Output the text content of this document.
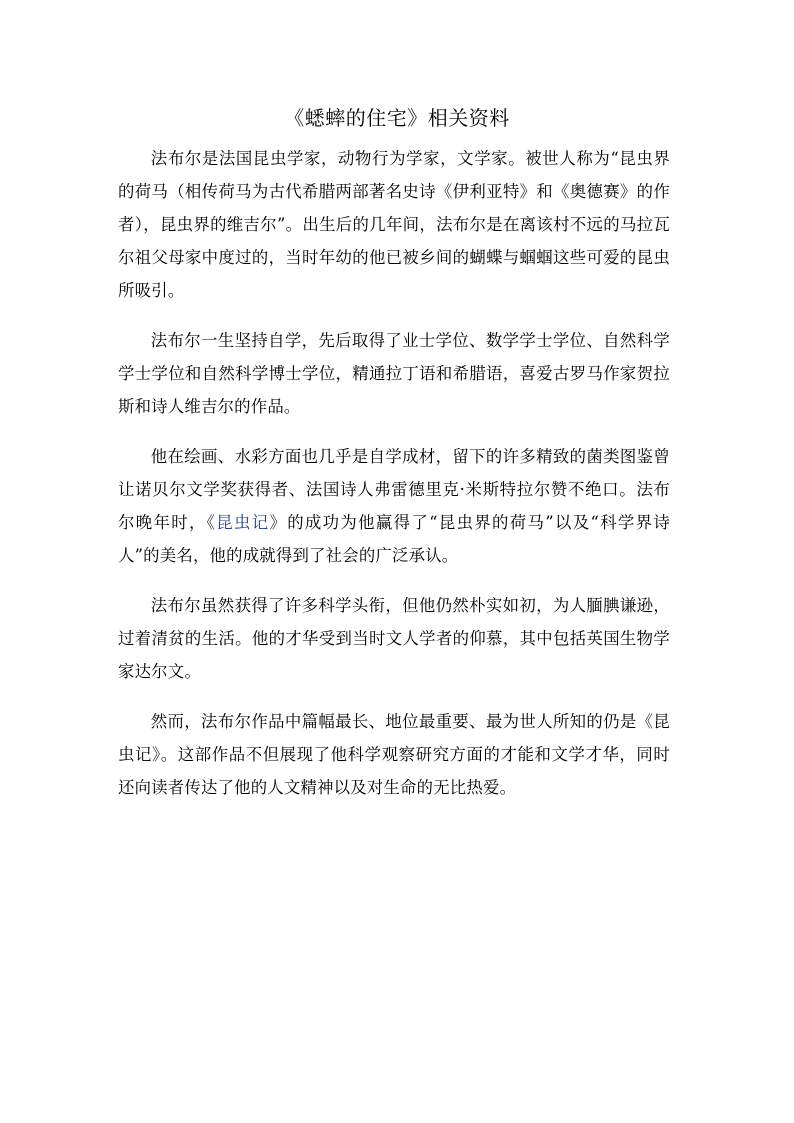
《蟋蟀的住宅》相关资料

法布尔是法国昆虫学家，动物行为学家，文学家。被世人称为“昆虫界的荷马（相传荷马为古代希腊两部著名史诗《伊利亚特》和《奥德赛》的作者），昆虫界的维吉尔”。出生后的几年间，法布尔是在离该村不远的马拉瓦尔祖父母家中度过的，当时年幼的他已被乡间的蝴蝶与蝈蝈这些可爱的昆虫所吸引。

法布尔一生坚持自学，先后取得了业士学位、数学学士学位、自然科学学士学位和自然科学博士学位，精通拉丁语和希腊语，喜爱古罗马作家贺拉斯和诗人维吉尔的作品。

他在绘画、水彩方面也几乎是自学成材，留下的许多精致的菌类图鉴曾让诺贝尔文学奖获得者、法国诗人弗雷德里克·米斯特拉尔赞不绝口。法布尔晚年时，《昆虫记》的成功为他赢得了“昆虫界的荷马”以及“科学界诗人”的美名，他的成就得到了社会的广泛承认。

法布尔虽然获得了许多科学头衔，但他仍然朴实如初，为人腼腆谦逊，过着清贫的生活。他的才华受到当时文人学者的仰慕，其中包括英国生物学家达尔文。

然而，法布尔作品中篇幅最长、地位最重要、最为世人所知的仍是《昆虫记》。这部作品不但展现了他科学观察研究方面的才能和文学才华，同时还向读者传达了他的人文精神以及对生命的无比热爱。
